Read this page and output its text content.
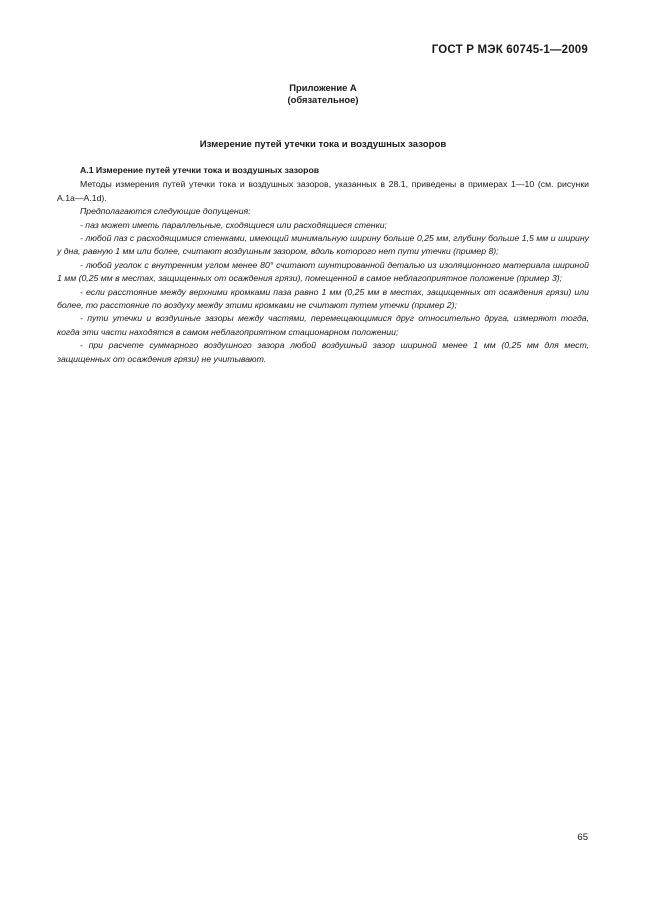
ГОСТ Р МЭК 60745-1—2009
Приложение А
(обязательное)
Измерение путей утечки тока и воздушных зазоров

А.1 Измерение путей утечки тока и воздушных зазоров

Методы измерения путей утечки тока и воздушных зазоров, указанных в 28.1, приведены в примерах 1—10 (см. рисунки А.1а—А.1d).

Предполагаются следующие допущения:

- паз может иметь параллельные, сходящиеся или расходящиеся стенки;

- любой паз с расходящимися стенками, имеющий минимальную ширину больше 0,25 мм, глубину больше 1,5 мм и ширину у дна, равную 1 мм или более, считают воздушным зазором, вдоль которого нет пути утечки (пример 8);

- любой уголок с внутренним углом менее 80° считают шунтированной деталью из изоляционного материала шириной 1 мм (0,25 мм в местах, защищенных от осаждения грязи), помещенной в самое неблагоприятное положение (пример 3);

- если расстояние между верхними кромками паза равно 1 мм (0,25 мм в местах, защищенных от осаждения грязи) или более, то расстояние по воздуху между этими кромками не считают путем утечки (пример 2);

- пути утечки и воздушные зазоры между частями, перемещающимися друг относительно друга, измеряют тогда, когда эти части находятся в самом неблагоприятном стационарном положении;

- при расчете суммарного воздушного зазора любой воздушный зазор шириной менее 1 мм (0,25 мм для мест, защищенных от осаждения грязи) не учитывают.

65
